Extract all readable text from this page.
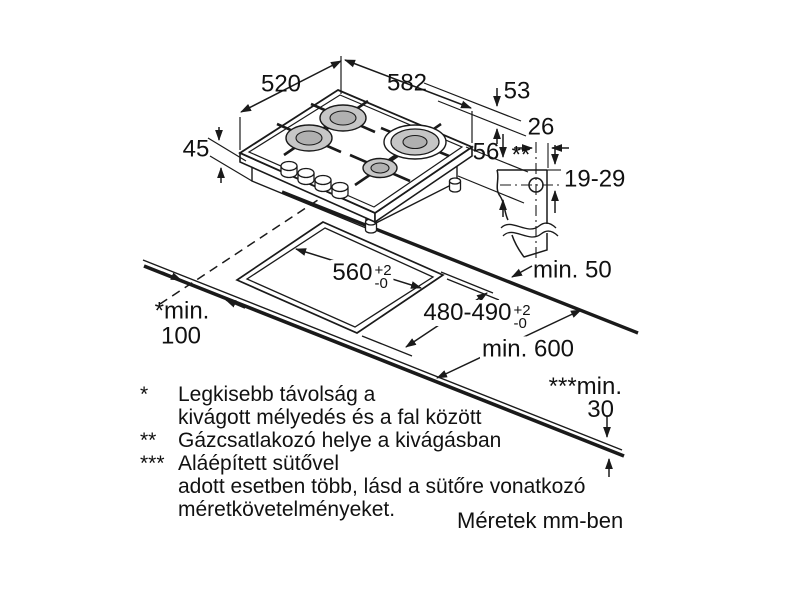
520	582
45
53
56
26
**
19-29
560 +2
-0
480-490 +2
-0
min. 50
min. 600
*min.
100
***min.
30
*	Legkisebb távolság a
kivágott mélyedés és a fal között
**	Gázcsatlakozó helye a kivágásban
*** Aláépített sütővel
adott esetben több, lásd a sütőre vonatkozó
méretkövetelményeket.	Méretek mm-ben
